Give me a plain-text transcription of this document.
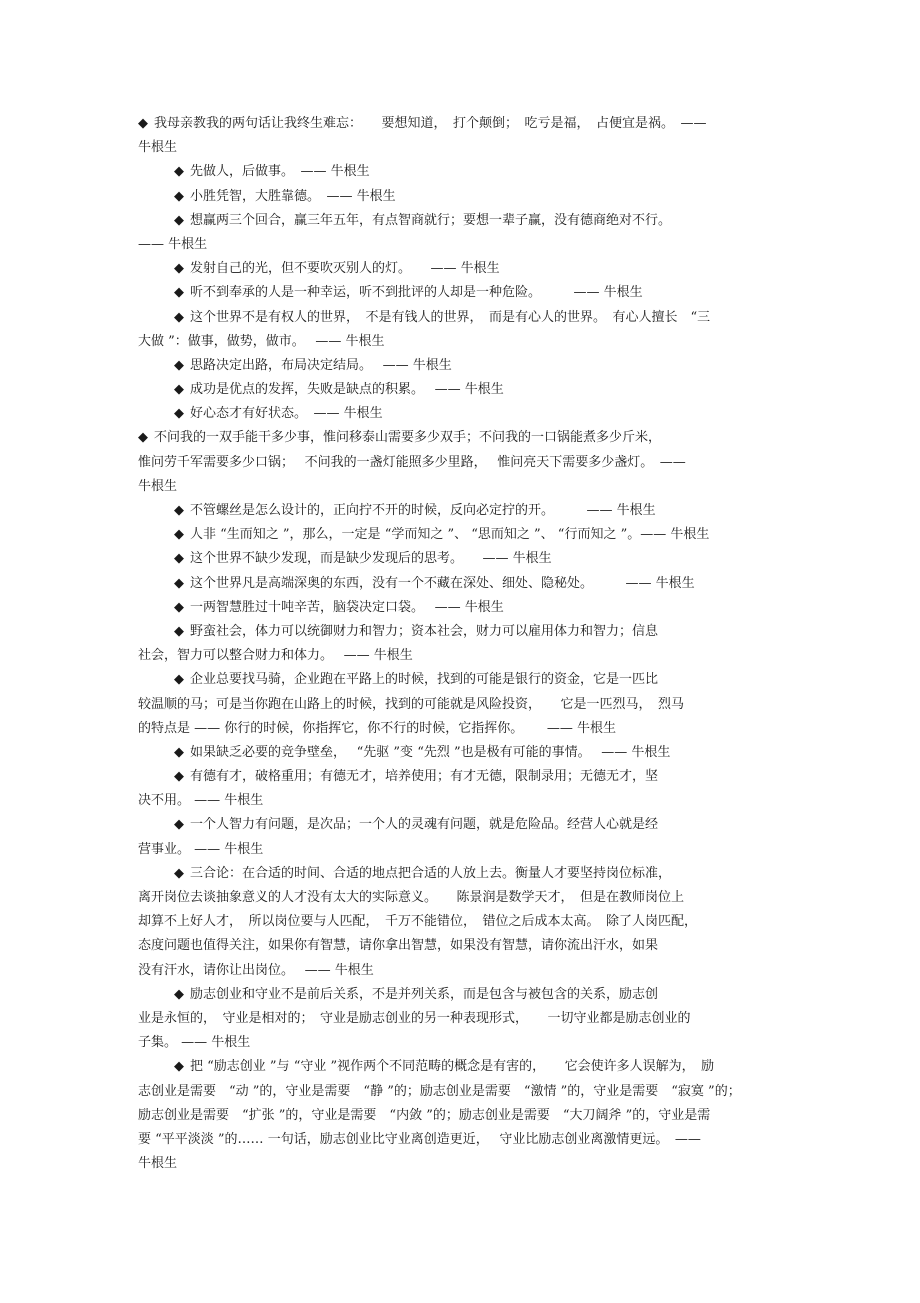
◆ 我母亲教我的两句话让我终生难忘：　　要想知道，　打个颠倒；　吃亏是福，　占便宜是祸。　——
牛根生
◆ 先做人，后做事。　—— 牛根生
◆ 小胜凭智，大胜靠德。　—— 牛根生
◆ 想赢两三个回合，赢三年五年，有点智商就行；要想一辈子赢，没有德商绝对不行。
—— 牛根生
◆ 发射自己的光，但不要吹灭别人的灯。　　—— 牛根生
◆ 听不到奉承的人是一种幸运，听不到批评的人却是一种危险。　　　—— 牛根生
◆ 这个世界不是有权人的世界，　不是有钱人的世界，　而是有心人的世界。　有心人擅长　“三
大做 ”：做事，做势，做市。　 —— 牛根生
◆ 思路决定出路，布局决定结局。　 —— 牛根生
◆ 成功是优点的发挥，失败是缺点的积累。　 —— 牛根生
◆ 好心态才有好状态。　—— 牛根生
◆ 不问我的一双手能干多少事，惟问移泰山需要多少双手；不问我的一口锅能煮多少斤米，
惟问劳千军需要多少口锅；　 不问我的一盏灯能照多少里路，　 惟问亮天下需要多少盏灯。　——
牛根生
◆ 不管螺丝是怎么设计的，正向拧不开的时候，反向必定拧的开。　　　—— 牛根生
◆ 人非 “生而知之 ”，那么，一定是 “学而知之 ”、 “思而知之 ”、 “行而知之 ”。—— 牛根生
◆ 这个世界不缺少发现，而是缺少发现后的思考。　　—— 牛根生
◆ 这个世界凡是高端深奥的东西，没有一个不藏在深处、细处、隐秘处。　　　—— 牛根生
◆ 一两智慧胜过十吨辛苦，脑袋决定口袋。　 —— 牛根生
◆ 野蛮社会，体力可以统御财力和智力；资本社会，财力可以雇用体力和智力；信息
社会，智力可以整合财力和体力。　 —— 牛根生
◆ 企业总要找马骑，企业跑在平路上的时候，找到的可能是银行的资金，它是一匹比
较温顺的马；可是当你跑在山路上的时候，找到的可能就是风险投资，　　它是一匹烈马，　烈马
的特点是 —— 你行的时候，你指挥它，你不行的时候，它指挥你。　　 —— 牛根生
◆ 如果缺乏必要的竞争壁垒，　 “先驱 ”变 “先烈 ”也是极有可能的事情。　 —— 牛根生
◆ 有德有才，破格重用；有德无才，培养使用；有才无德，限制录用；无德无才，坚
决不用。 —— 牛根生
◆ 一个人智力有问题，是次品；一个人的灵魂有问题，就是危险品。经营人心就是经
营事业。 —— 牛根生
◆ 三合论：在合适的时间、合适的地点把合适的人放上去。衡量人才要坚持岗位标准，
离开岗位去谈抽象意义的人才没有太大的实际意义。　　陈景润是数学天才，　但是在教师岗位上
却算不上好人才，　所以岗位要与人匹配，　千万不能错位，　错位之后成本太高。　除了人岗匹配，
态度问题也值得关注，如果你有智慧，请你拿出智慧，如果没有智慧，请你流出汗水，如果
没有汗水，请你让出岗位。　 —— 牛根生
◆ 励志创业和守业不是前后关系，不是并列关系，而是包含与被包含的关系，励志创
业是永恒的，　守业是相对的；　守业是励志创业的另一种表现形式，　　一切守业都是励志创业的
子集。 —— 牛根生
◆ 把 “励志创业 ”与 “守业 ”视作两个不同范畴的概念是有害的，　　它会使许多人误解为，　励
志创业是需要　“动 ”的，守业是需要　“静 ”的；励志创业是需要　“激情 ”的，守业是需要　“寂寞 ”的；
励志创业是需要　“扩张 ”的，守业是需要　“内敛 ”的；励志创业是需要　“大刀阔斧 ”的，守业是需
要 “平平淡淡 ”的…… 一句话，励志创业比守业离创造更近，　 守业比励志创业离激情更远。　——
牛根生
